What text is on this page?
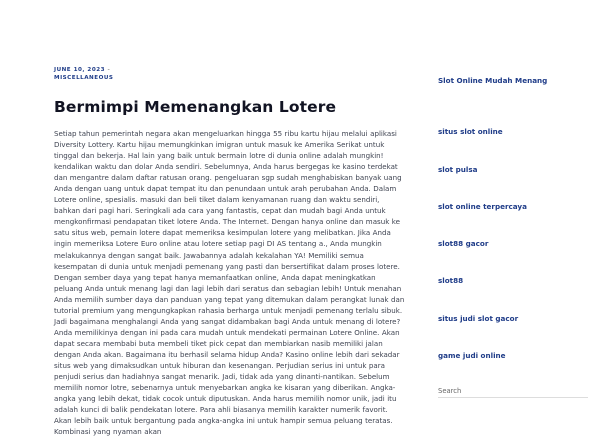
JUNE 10, 2023 -
MISCELLANEOUS
Bermimpi Memenangkan Lotere
Setiap tahun pemerintah negara akan mengeluarkan hingga 55 ribu kartu hijau melalui aplikasi Diversity Lottery. Kartu hijau memungkinkan imigran untuk masuk ke Amerika Serikat untuk tinggal dan bekerja. Hal lain yang baik untuk bermain lotre di dunia online adalah mungkin! kendalikan waktu dan dolar Anda sendiri. Sebelumnya, Anda harus bergegas ke kasino terdekat dan mengantre dalam daftar ratusan orang. pengeluaran sgp sudah menghabiskan banyak uang Anda dengan uang untuk dapat tempat itu dan penundaan untuk arah perubahan Anda. Dalam Lotere online, spesialis. masuki dan beli tiket dalam kenyamanan ruang dan waktu sendiri, bahkan dari pagi hari. Seringkali ada cara yang fantastis, cepat dan mudah bagi Anda untuk mengkonfirmasi pendapatan tiket lotere Anda. The Internet. Dengan hanya online dan masuk ke satu situs web, pemain lotere dapat memeriksa kesimpulan lotere yang melibatkan. Jika Anda ingin memeriksa Lotere Euro online atau lotere setiap pagi DI AS tentang a., Anda mungkin melakukannya dengan sangat baik. Jawabannya adalah kekalahan YA! Memiliki semua kesempatan di dunia untuk menjadi pemenang yang pasti dan bersertifikat dalam proses lotere. Dengan sember daya yang tepat hanya memanfaatkan online, Anda dapat meningkatkan peluang Anda untuk menang lagi dan lagi lebih dari seratus dan sebagian lebih! Untuk menahan Anda memilih sumber daya dan panduan yang tepat yang ditemukan dalam perangkat lunak dan tutorial premium yang mengungkapkan rahasia berharga untuk menjadi pemenang terlalu sibuk. Jadi bagaimana menghalangi Anda yang sangat didambakan bagi Anda untuk menang di lotere? Anda memilikinya dengan ini pada cara mudah untuk mendekati permainan Lotere Online. Akan dapat secara membabi buta membeli tiket pick cepat dan membiarkan nasib memiliki jalan dengan Anda akan. Bagaimana itu berhasil selama hidup Anda? Kasino online lebih dari sekadar situs web yang dimaksudkan untuk hiburan dan kesenangan. Perjudian serius ini untuk para penjudi serius dan hadiahnya sangat menarik. Jadi, tidak ada yang dinanti-nantikan. Sebelum memilih nomor lotre, sebenarnya untuk menyebarkan angka ke kisaran yang diberikan. Angka-angka yang lebih dekat, tidak cocok untuk diputuskan. Anda harus memilih nomor unik, jadi itu adalah kunci di balik pendekatan lotere. Para ahli biasanya memilih karakter numerik favorit. Akan lebih baik untuk bergantung pada angka-angka ini untuk hampir semua peluang teratas. Kombinasi yang nyaman akan
Slot Online Mudah Menang
situs slot online
slot pulsa
slot online terpercaya
slot88 gacor
slot88
situs judi slot gacor
game judi online
Search
